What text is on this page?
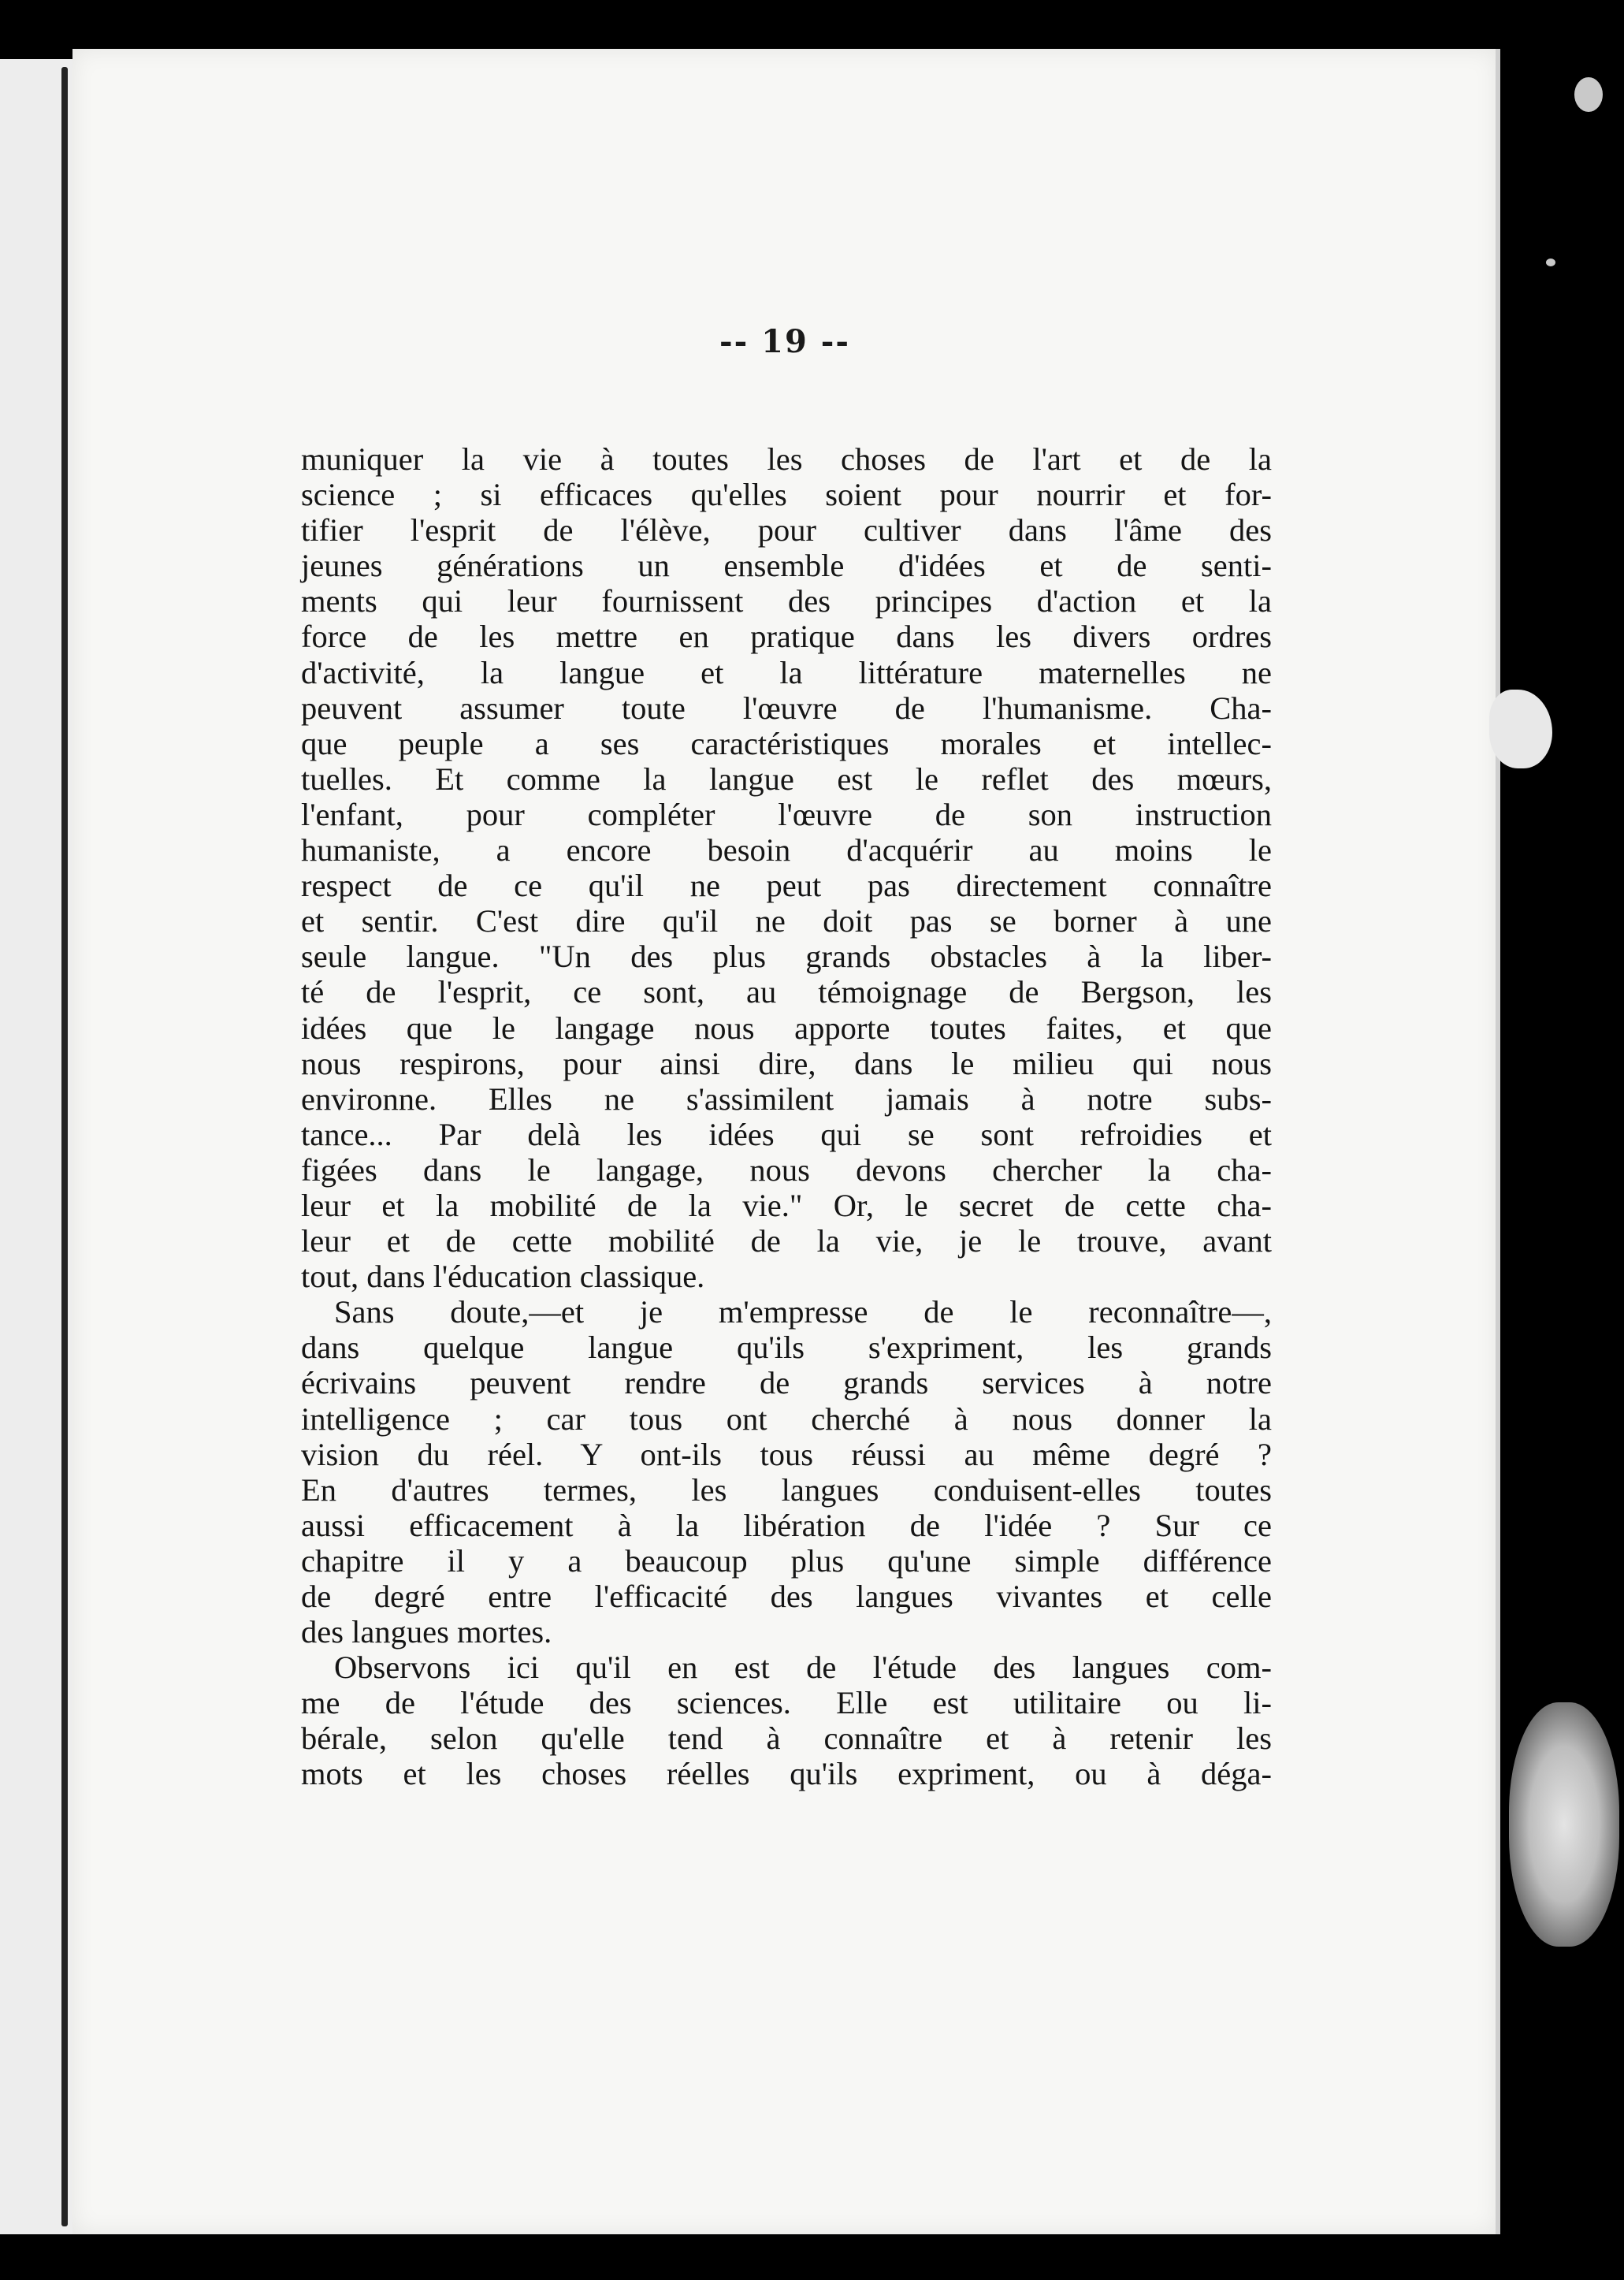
-- 19 --
muniquer la vie à toutes les choses de l'art et de la
science ; si efficaces qu'elles soient pour nourrir et for-
tifier l'esprit de l'élève, pour cultiver dans l'âme des
jeunes générations un ensemble d'idées et de senti-
ments qui leur fournissent des principes d'action et la
force de les mettre en pratique dans les divers ordres
d'activité, la langue et la littérature maternelles ne
peuvent assumer toute l'œuvre de l'humanisme. Cha-
que peuple a ses caractéristiques morales et intellec-
tuelles. Et comme la langue est le reflet des mœurs,
l'enfant, pour compléter l'œuvre de son instruction
humaniste, a encore besoin d'acquérir au moins le
respect de ce qu'il ne peut pas directement connaître
et sentir. C'est dire qu'il ne doit pas se borner à une
seule langue. "Un des plus grands obstacles à la liber-
té de l'esprit, ce sont, au témoignage de Bergson, les
idées que le langage nous apporte toutes faites, et que
nous respirons, pour ainsi dire, dans le milieu qui nous
environne. Elles ne s'assimilent jamais à notre subs-
tance... Par delà les idées qui se sont refroidies et
figées dans le langage, nous devons chercher la cha-
leur et la mobilité de la vie." Or, le secret de cette cha-
leur et de cette mobilité de la vie, je le trouve, avant
tout, dans l'éducation classique.
Sans doute,—et je m'empresse de le reconnaître—,
dans quelque langue qu'ils s'expriment, les grands
écrivains peuvent rendre de grands services à notre
intelligence ; car tous ont cherché à nous donner la
vision du réel. Y ont-ils tous réussi au même degré ?
En d'autres termes, les langues conduisent-elles toutes
aussi efficacement à la libération de l'idée ? Sur ce
chapitre il y a beaucoup plus qu'une simple différence
de degré entre l'efficacité des langues vivantes et celle
des langues mortes.
Observons ici qu'il en est de l'étude des langues com-
me de l'étude des sciences. Elle est utilitaire ou li-
bérale, selon qu'elle tend à connaître et à retenir les
mots et les choses réelles qu'ils expriment, ou à déga-
